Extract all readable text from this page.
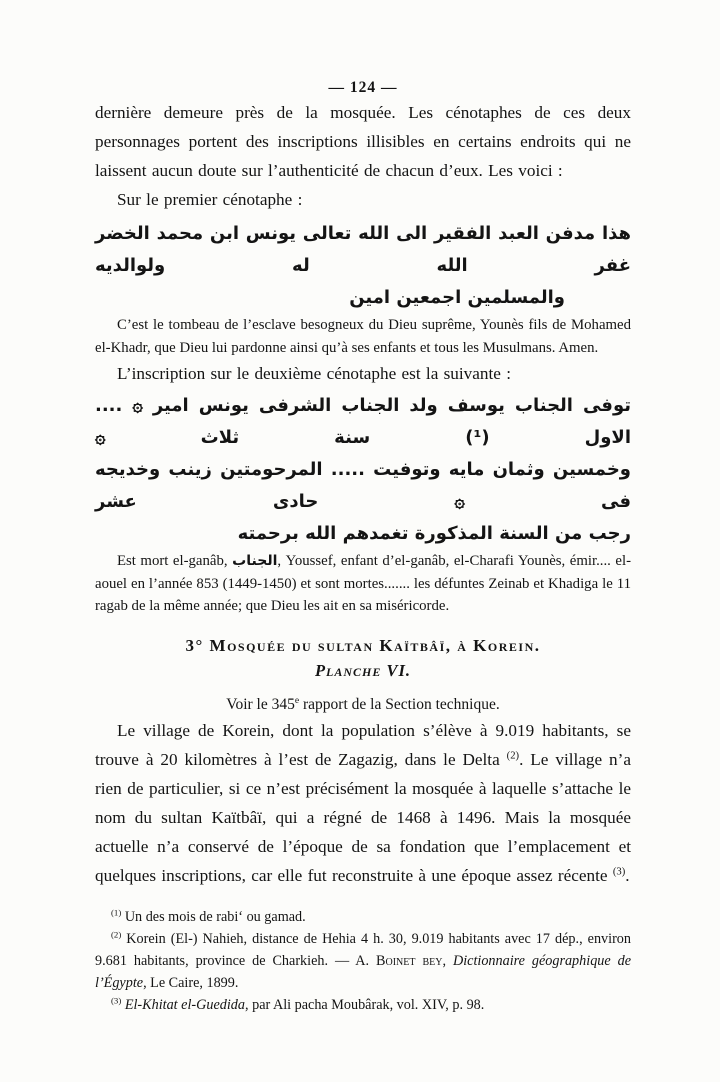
— 124 —

dernière demeure près de la mosquée. Les cénotaphes de ces deux personnages portent des inscriptions illisibles en certains endroits qui ne laissent aucun doute sur l’authenticité de chacun d’eux. Les voici :

Sur le premier cénotaphe :

هذا مدفن العبد الفقير الى الله تعالى يونس ابن محمد الخضر غفر الله له ولوالديه
والمسلمين اجمعين امين

C’est le tombeau de l’esclave besogneux du Dieu suprême, Younès fils de Mohamed el-Khadr, que Dieu lui pardonne ainsi qu’à ses enfants et tous les Musulmans. Amen.

L’inscription sur le deuxième cénotaphe est la suivante :

توفى الجناب يوسف ولد الجناب الشرفى يونس امير ۞ .... الاول (¹) سنة ثلاث ۞
وخمسين وثمان مايه وتوفيت ..... المرحومتين زينب وخديجه فى ۞ حادى عشر
رجب من السنة المذكورة تغمدهم الله برحمته

Est mort el-ganâb, الجناب, Youssef, enfant d’el-ganâb, el-Charafi Younès, émir.... el-aouel en l’année 853 (1449-1450) et sont mortes....... les défuntes Zeinab et Khadiga le 11 ragab de la même année; que Dieu les ait en sa miséricorde.

3° Mosquée du sultan Kaïtbâï, à Korein.

Planche VI.

Voir le 345e rapport de la Section technique.

Le village de Korein, dont la population s’élève à 9.019 habitants, se trouve à 20 kilomètres à l’est de Zagazig, dans le Delta $^{(2)}$. Le village n’a rien de particulier, si ce n’est précisément la mosquée à laquelle s’attache le nom du sultan Kaïtbâï, qui a régné de 1468 à 1496. Mais la mosquée actuelle n’a conservé de l’époque de sa fondation que l’emplacement et quelques inscriptions, car elle fut reconstruite à une époque assez récente $^{(3)}$.

$^{(1)}$ Un des mois de rabi‘ ou gamad.

$^{(2)}$ Korein (El-) Nahieh, distance de Hehia 4 h. 30, 9.019 habitants avec 17 dép., environ 9.681 habitants, province de Charkieh. — A. Boinet bey, Dictionnaire géographique de l’Égypte, Le Caire, 1899.

$^{(3)}$ El-Khitat el-Guedida, par Ali pacha Moubârak, vol. XIV, p. 98.
